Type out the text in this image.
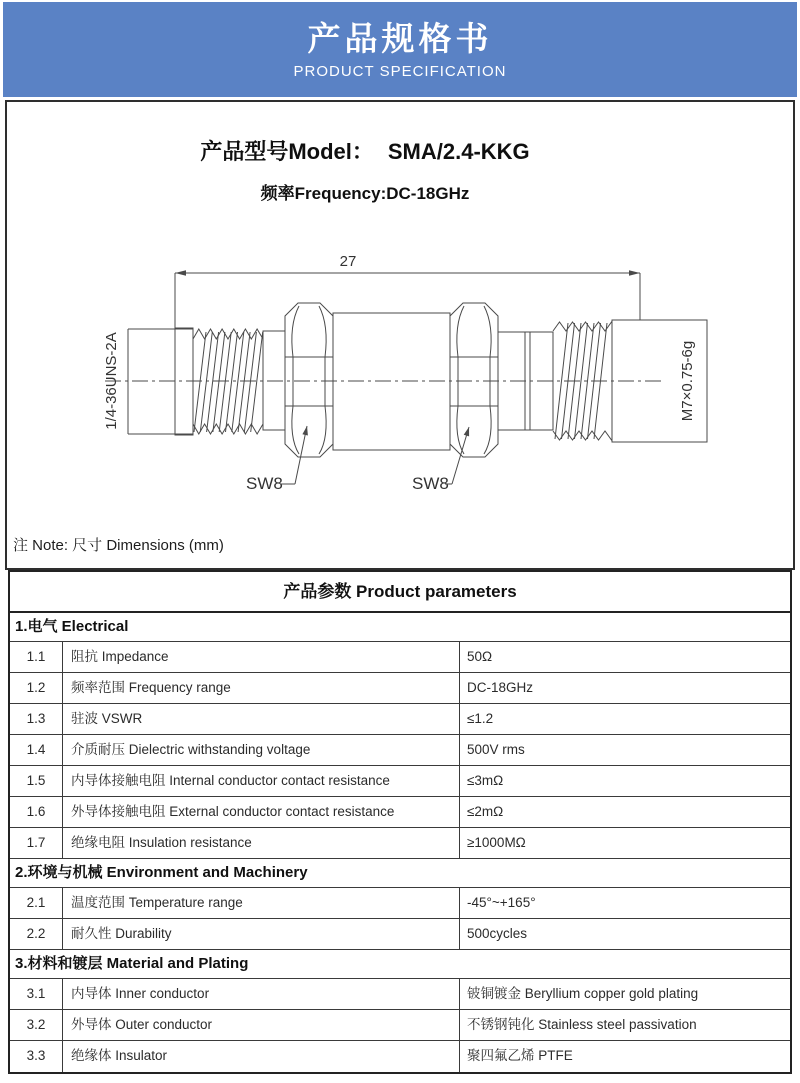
产品规格书
PRODUCT SPECIFICATION
产品型号Model： SMA/2.4-KKG
频率Frequency:DC-18GHz
注 Note: 尺寸 Dimensions (mm)
27
1/4-36UNS-2A	M7×0.75-6g
SW8	SW8
产品参数 Product parameters
1.电气 Electrical
1.1	阻抗 Impedance	50Ω
1.2	频率范围 Frequency range	DC-18GHz
1.3	驻波 VSWR	≤1.2
1.4	介质耐压 Dielectric withstanding voltage	500V rms
1.5	内导体接触电阻 Internal conductor contact resistance	≤3mΩ
1.6	外导体接触电阻 External conductor contact resistance	≤2mΩ
1.7	绝缘电阻 Insulation resistance	≥1000MΩ
2.环境与机械 Environment and Machinery
2.1	温度范围 Temperature range	-45°~+165°
2.2	耐久性 Durability	500cycles
3.材料和镀层 Material and Plating
3.1	内导体 Inner conductor	铍铜镀金 Beryllium copper gold plating
3.2	外导体 Outer conductor	不锈钢钝化 Stainless steel passivation
3.3	绝缘体 Insulator	聚四氟乙烯 PTFE
